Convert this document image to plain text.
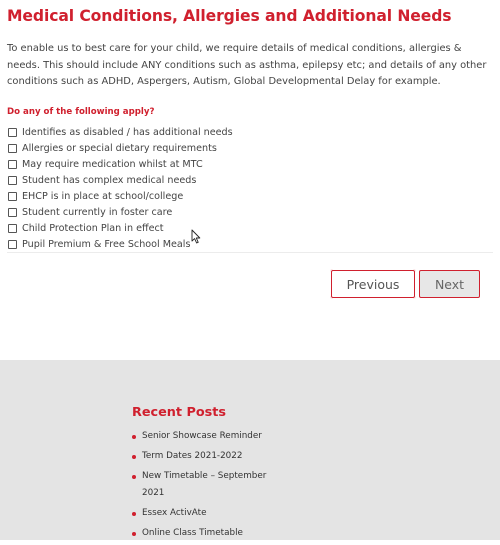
Medical Conditions, Allergies and Additional Needs

To enable us to best care for your child, we require details of medical conditions, allergies & needs. This should include ANY conditions such as asthma, epilepsy etc; and details of any other conditions such as ADHD, Aspergers, Autism, Global Developmental Delay for example.

Do any of the following apply?
Identifies as disabled / has additional needs
Allergies or special dietary requirements
May require medication whilst at MTC
Student has complex medical needs
EHCP is in place at school/college
Student currently in foster care
Child Protection Plan in effect
Pupil Premium & Free School Meals
Previous	Next
Recent Posts
Senior Showcase Reminder
Term Dates 2021-2022
New Timetable – September 2021
Essex ActivAte
Online Class Timetable
